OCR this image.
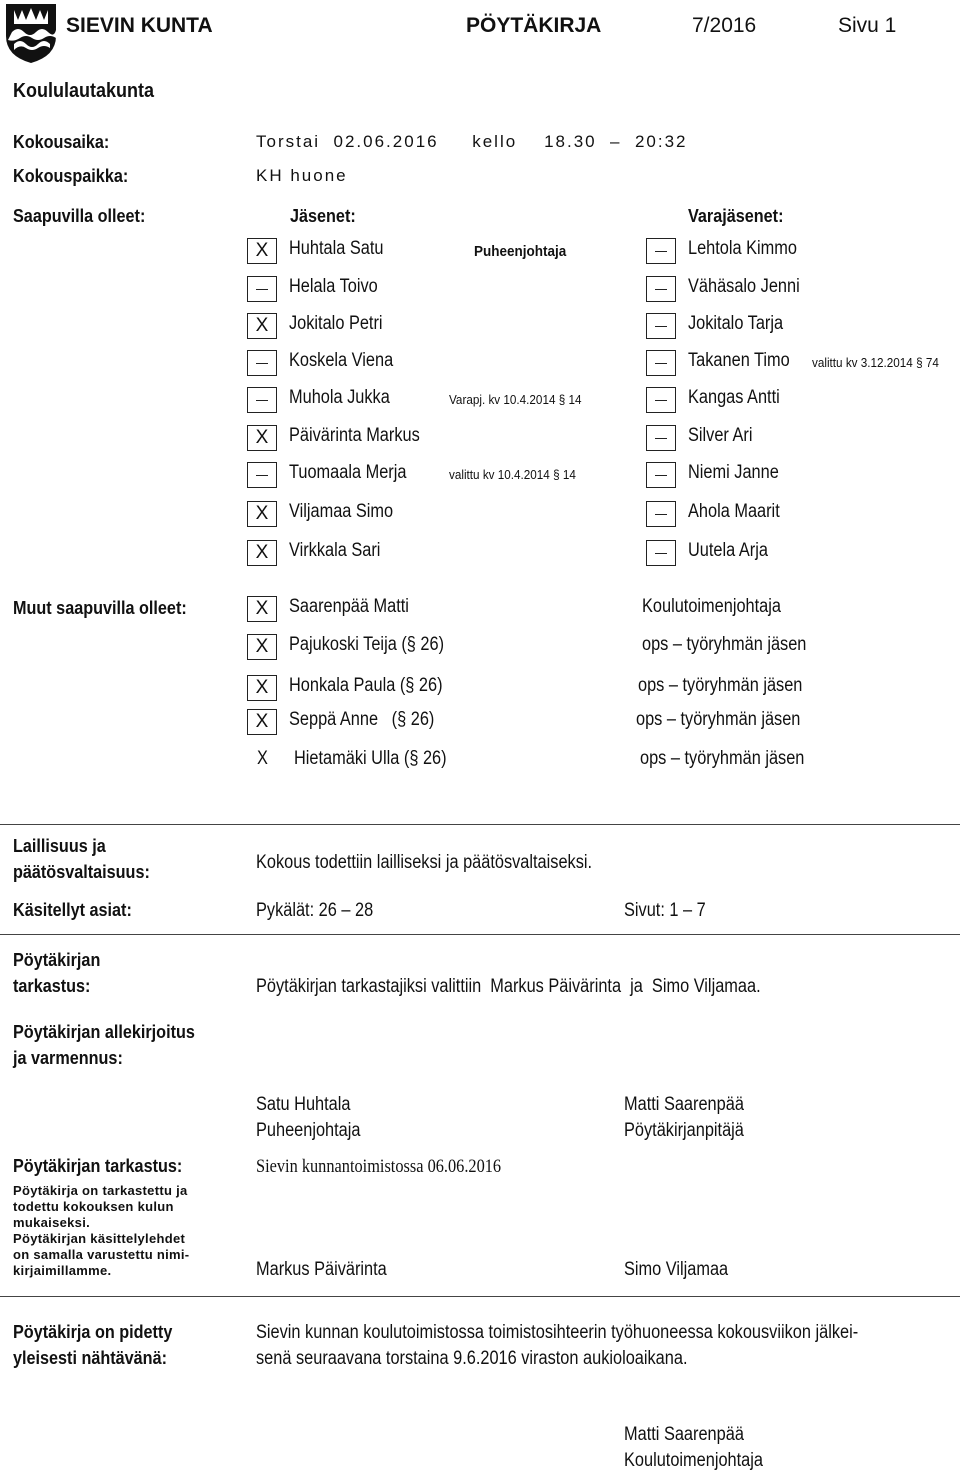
SIEVIN KUNTA	PÖYTÄKIRJA	7/2016	Sivu 1
Koululautakunta
Kokousaika:	Torstai  02.06.2016     kello    18.30  –  20:32
Kokouspaikka:	KH huone
Saapuvilla olleet:	Jäsenet:	Varajäsenet:
X	Huhtala Satu	Puheenjohtaja	Lehtola Kimmo
Helala Toivo	Vähäsalo Jenni
X	Jokitalo Petri	Jokitalo Tarja
Koskela Viena	Takanen Timo valittu kv 3.12.2014 § 74
Muhola Jukka	Varapj. kv 10.4.2014 § 14	Kangas Antti
X	Päivärinta Markus	Silver Ari
Tuomaala Merja	valittu kv 10.4.2014 § 14	Niemi Janne
X	Viljamaa Simo	Ahola Maarit
X	Virkkala Sari	Uutela Arja
Muut saapuvilla olleet:	X	Saarenpää Matti	Koulutoimenjohtaja
X	Pajukoski Teija (§ 26)	ops – työryhmän jäsen
X	Honkala Paula (§ 26)	ops – työryhmän jäsen
X	Seppä Anne   (§ 26)	ops – työryhmän jäsen
X Hietamäki Ulla (§ 26)	ops – työryhmän jäsen
Laillisuus ja
päätösvaltaisuus:	Kokous todettiin lailliseksi ja päätösvaltaiseksi.
Käsitellyt asiat:	Pykälät: 26 – 28	Sivut: 1 – 7
Pöytäkirjan
tarkastus:	Pöytäkirjan tarkastajiksi valittiin  Markus Päivärinta  ja  Simo Viljamaa.
Pöytäkirjan allekirjoitus
ja varmennus:
Satu Huhtala
Puheenjohtaja
Matti Saarenpää
Pöytäkirjanpitäjä
Pöytäkirjan tarkastus:	Sievin kunnantoimistossa 06.06.2016
Pöytäkirja on tarkastettu ja
todettu kokouksen kulun
mukaiseksi.
Pöytäkirjan käsittelylehdet
on samalla varustettu nimi-
kirjaimillamme.	Markus Päivärinta	Simo Viljamaa
Pöytäkirja on pidetty
yleisesti nähtävänä:
Sievin kunnan koulutoimistossa toimistosihteerin työhuoneessa kokousviikon jälkei-
senä seuraavana torstaina 9.6.2016 viraston aukioloaikana.
Matti Saarenpää
Koulutoimenjohtaja
